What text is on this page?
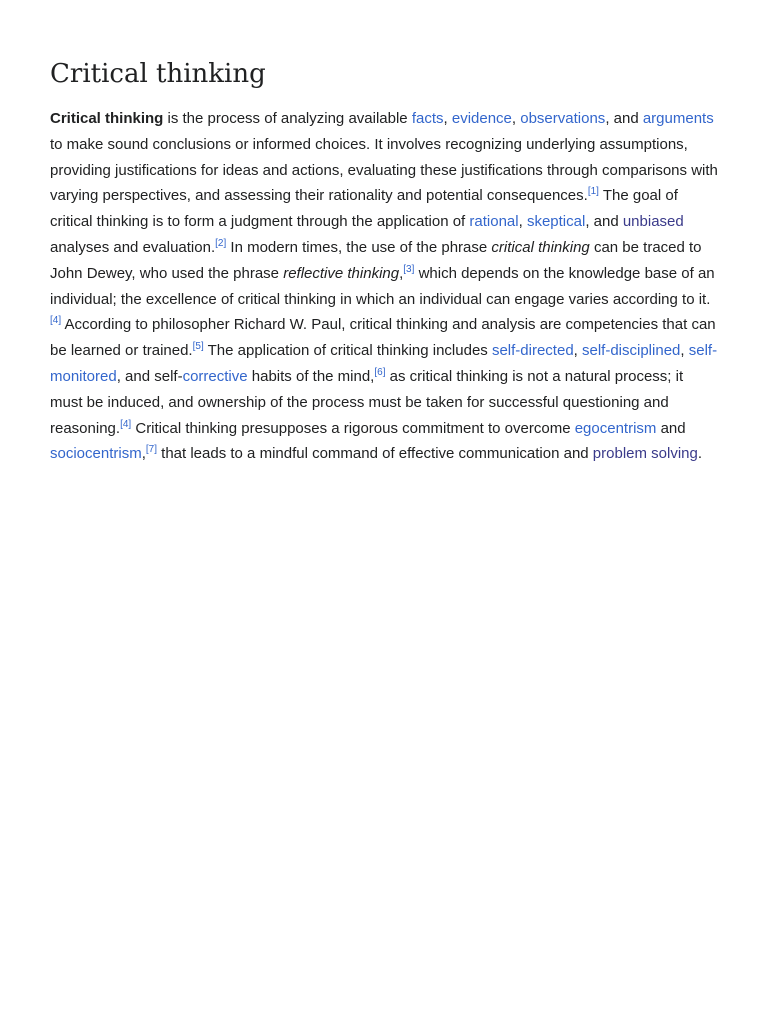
Critical thinking

Critical thinking is the process of analyzing available facts, evidence, observations, and arguments to make sound conclusions or informed choices. It involves recognizing underlying assumptions, providing justifications for ideas and actions, evaluating these justifications through comparisons with varying perspectives, and assessing their rationality and potential consequences.[1] The goal of critical thinking is to form a judgment through the application of rational, skeptical, and unbiased analyses and evaluation.[2] In modern times, the use of the phrase critical thinking can be traced to John Dewey, who used the phrase reflective thinking,[3] which depends on the knowledge base of an individual; the excellence of critical thinking in which an individual can engage varies according to it.[4] According to philosopher Richard W. Paul, critical thinking and analysis are competencies that can be learned or trained.[5] The application of critical thinking includes self-directed, self-disciplined, self-monitored, and self-corrective habits of the mind,[6] as critical thinking is not a natural process; it must be induced, and ownership of the process must be taken for successful questioning and reasoning.[4] Critical thinking presupposes a rigorous commitment to overcome egocentrism and sociocentrism,[7] that leads to a mindful command of effective communication and problem solving.
